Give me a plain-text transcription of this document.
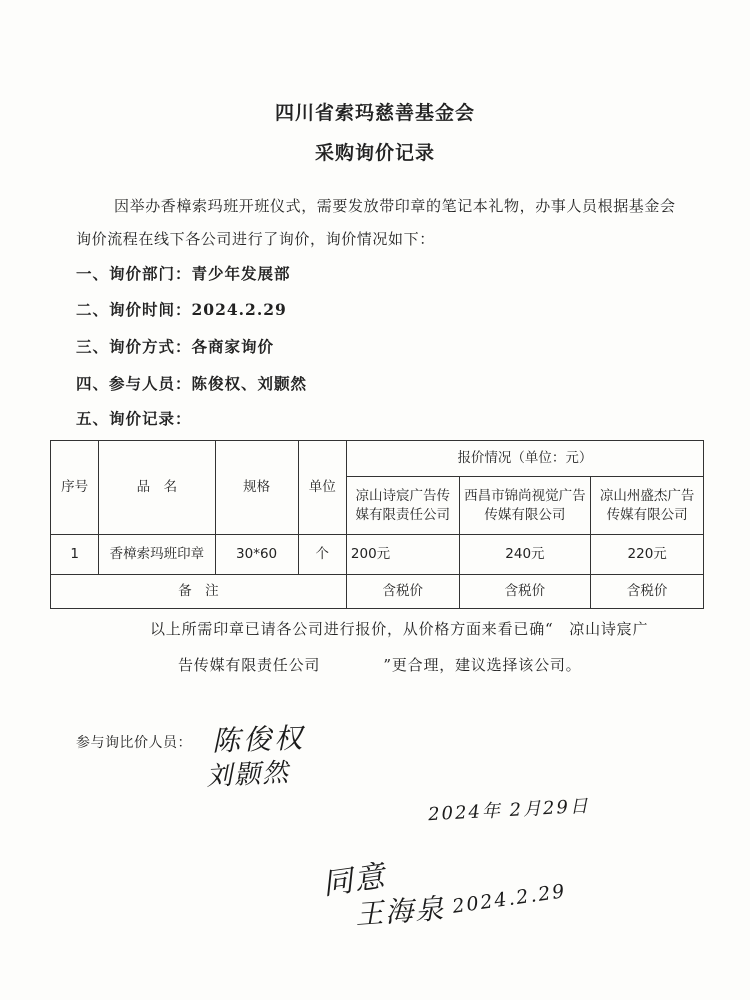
四川省索玛慈善基金会
采购询价记录
因举办香樟索玛班开班仪式，需要发放带印章的笔记本礼物，办事人员根据基金会询价流程在线下各公司进行了询价，询价情况如下：
一、询价部门：青少年发展部
二、询价时间：2024.2.29
三、询价方式：各商家询价
四、参与人员：陈俊权、刘颢然
五、询价记录：
序号	品　名	规格	单位	报价情况（单位：元）		
				凉山诗宸广告传媒有限责任公司	西昌市锦尚视觉广告传媒有限公司	凉山州盛杰广告传媒有限公司
1	香樟索玛班印章	30*60	个	200元	240元	220元
备　注				含税价	含税价	含税价
以上所需印章已请各公司进行报价，从价格方面来看已确“　凉山诗宸广
告传媒有限责任公司　　　　”更合理，建议选择该公司。
参与询比价人员： 陈俊权
刘颢然
2024年 2月29日
同意
王海泉 2024.2.29
